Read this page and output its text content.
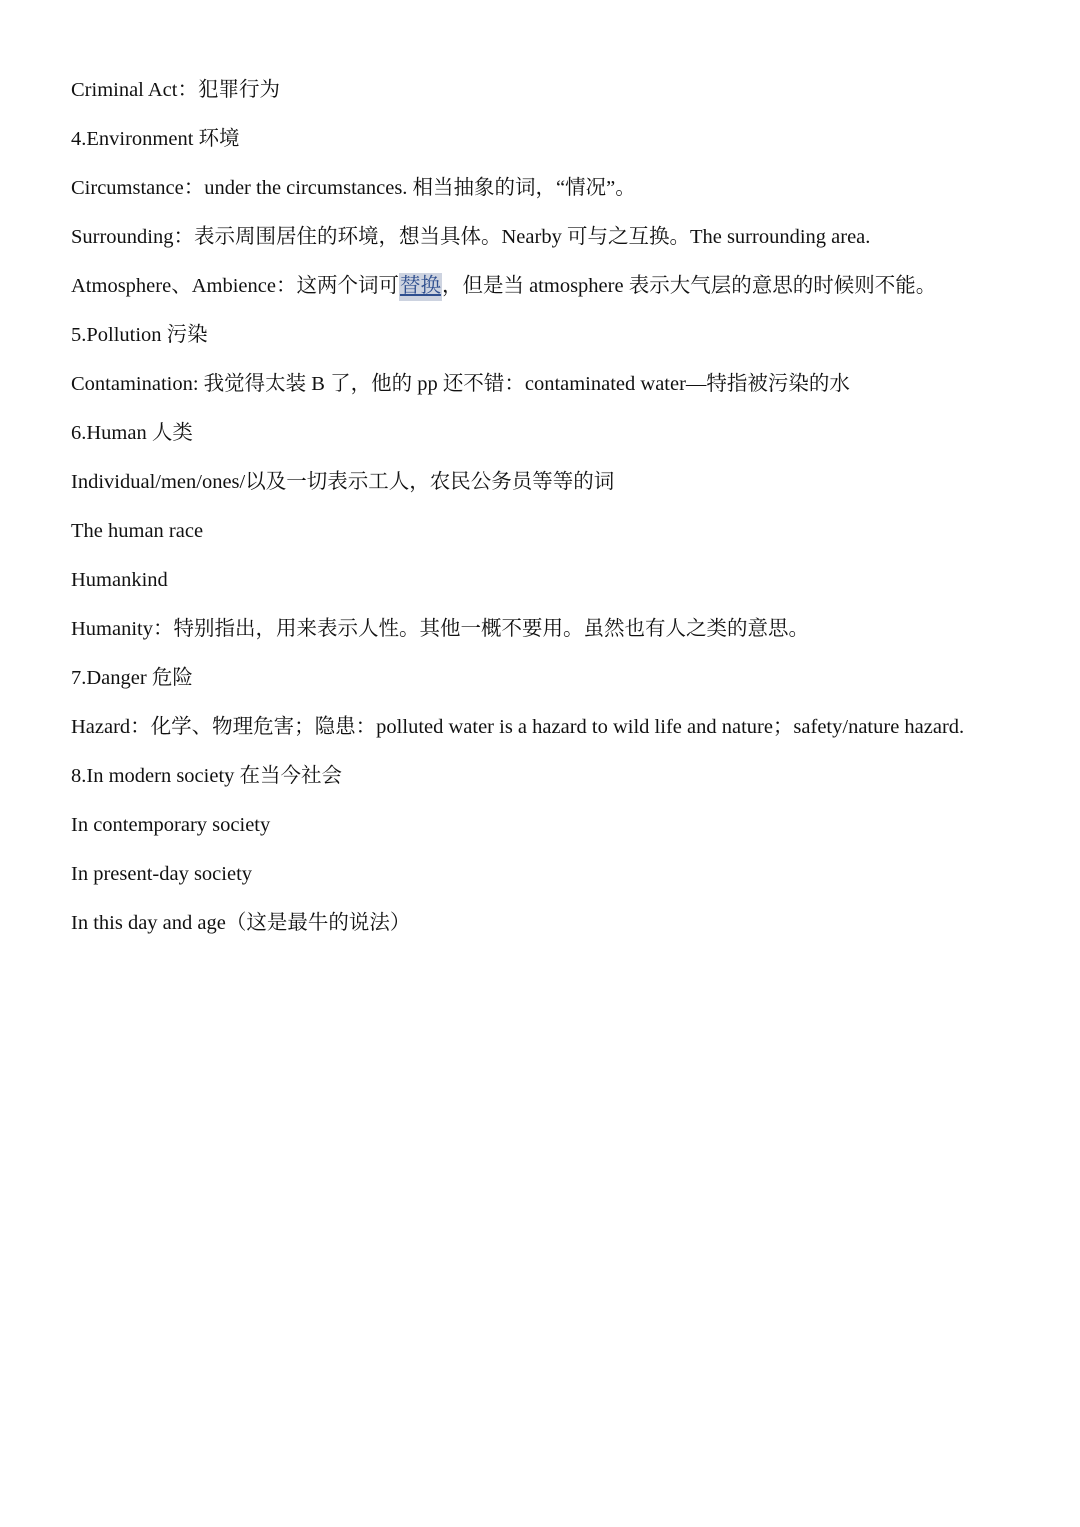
Criminal Act：犯罪行为
4.Environment 环境
Circumstance：under the circumstances. 相当抽象的词，“情况”。
Surrounding：表示周围居住的环境，想当具体。Nearby 可与之互换。The surrounding area.
Atmosphere、Ambience：这两个词可替换，但是当 atmosphere 表示大气层的意思的时候则不能。
5.Pollution 污染
Contamination: 我觉得太装 B 了，他的 pp 还不错：contaminated water—特指被污染的水
6.Human 人类
Individual/men/ones/以及一切表示工人，农民公务员等等的词
The human race
Humankind
Humanity：特别指出，用来表示人性。其他一概不要用。虽然也有人之类的意思。
7.Danger 危险
Hazard：化学、物理危害；隐患：polluted water is a hazard to wild life and nature；safety/nature hazard.
8.In modern society 在当今社会
In contemporary society
In present-day society
In this day and age（这是最牛的说法）
